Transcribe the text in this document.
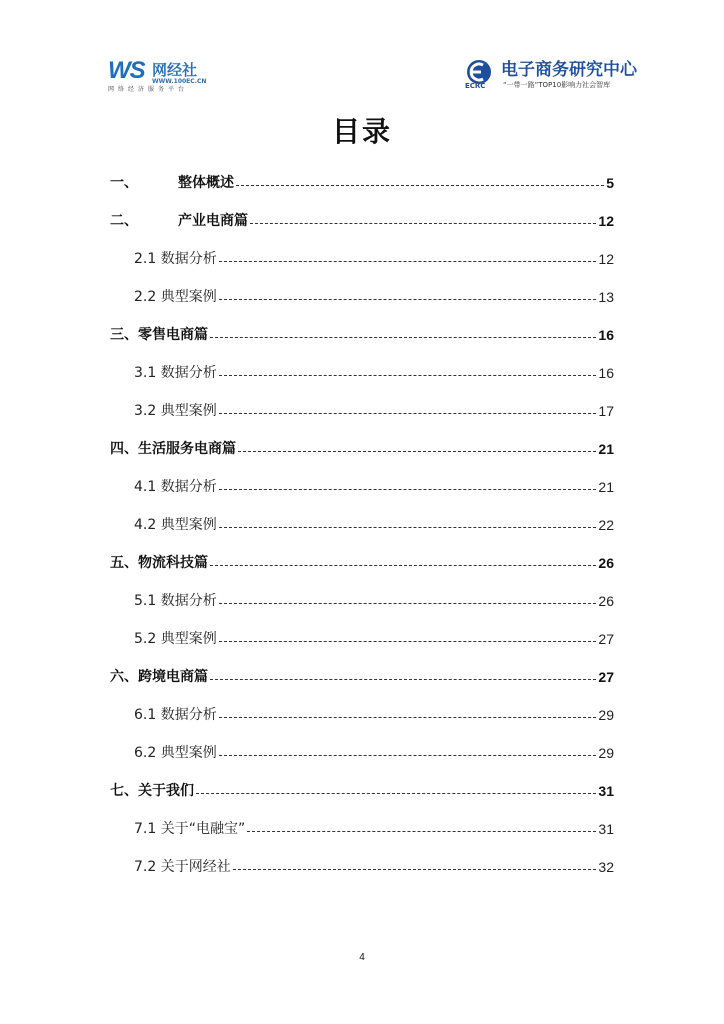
WS 网经社
WWW.100EC.CN
网络经济服务平台	ECRC
电子商务研究中心
“一带一路”TOP10影响力社会智库
目录
一、	整体概述	5
二、	产业电商篇	12
2.1 数据分析	12
2.2 典型案例	13
三、零售电商篇	16
3.1 数据分析	16
3.2 典型案例	17
四、生活服务电商篇	21
4.1 数据分析	21
4.2 典型案例	22
五、物流科技篇	26
5.1 数据分析	26
5.2 典型案例	27
六、跨境电商篇	27
6.1 数据分析	29
6.2 典型案例	29
七、关于我们	31
7.1 关于“电融宝”	31
7.2 关于网经社	32
4
